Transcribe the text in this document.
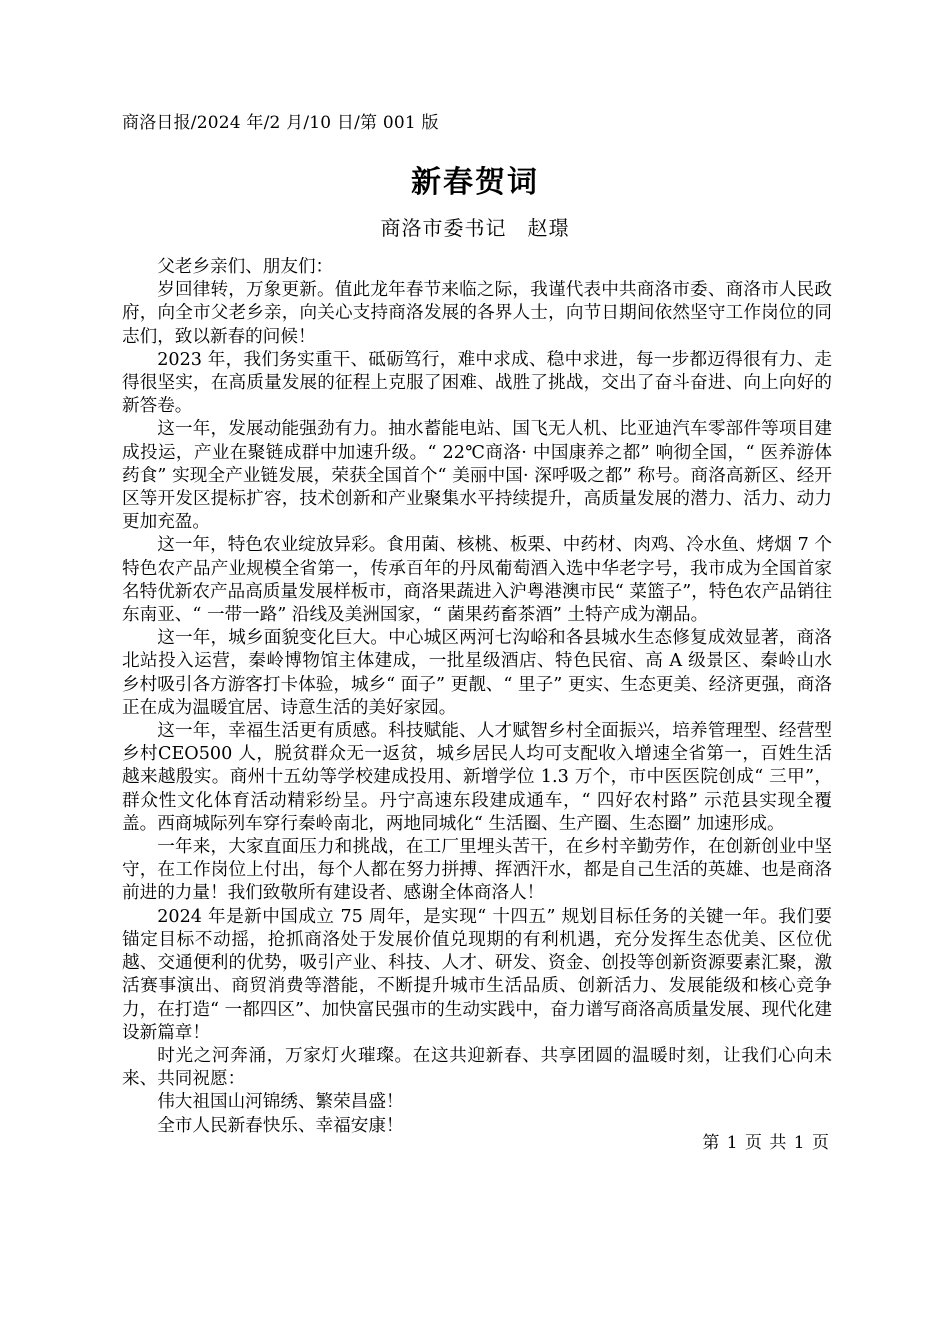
商洛日报/2024 年/2 月/10 日/第 001 版
新春贺词
商洛市委书记　赵璟

父老乡亲们、朋友们：

岁回律转，万象更新。值此龙年春节来临之际，我谨代表中共商洛市委、商洛市人民政府，向全市父老乡亲，向关心支持商洛发展的各界人士，向节日期间依然坚守工作岗位的同志们，致以新春的问候！

2023 年，我们务实重干、砥砺笃行，难中求成、稳中求进，每一步都迈得很有力、走得很坚实，在高质量发展的征程上克服了困难、战胜了挑战，交出了奋斗奋进、向上向好的新答卷。

这一年，发展动能强劲有力。抽水蓄能电站、国飞无人机、比亚迪汽车零部件等项目建成投运，产业在聚链成群中加速升级。“ 22℃商洛· 中国康养之都” 响彻全国，“ 医养游体药食” 实现全产业链发展，荣获全国首个“ 美丽中国· 深呼吸之都” 称号。商洛高新区、经开区等开发区提标扩容，技术创新和产业聚集水平持续提升，高质量发展的潜力、活力、动力更加充盈。

这一年，特色农业绽放异彩。食用菌、核桃、板栗、中药材、肉鸡、冷水鱼、烤烟 7 个特色农产品产业规模全省第一，传承百年的丹凤葡萄酒入选中华老字号，我市成为全国首家名特优新农产品高质量发展样板市，商洛果蔬进入沪粤港澳市民“ 菜篮子”，特色农产品销往东南亚、“ 一带一路” 沿线及美洲国家，“ 菌果药畜茶酒” 土特产成为潮品。

这一年，城乡面貌变化巨大。中心城区两河七沟峪和各县城水生态修复成效显著，商洛北站投入运营，秦岭博物馆主体建成，一批星级酒店、特色民宿、高 A 级景区、秦岭山水乡村吸引各方游客打卡体验，城乡“ 面子” 更靓、“ 里子” 更实、生态更美、经济更强，商洛正在成为温暖宜居、诗意生活的美好家园。

这一年，幸福生活更有质感。科技赋能、人才赋智乡村全面振兴，培养管理型、经营型乡村CEO500 人，脱贫群众无一返贫，城乡居民人均可支配收入增速全省第一，百姓生活越来越殷实。商州十五幼等学校建成投用、新增学位 1.3 万个，市中医医院创成“ 三甲”，群众性文化体育活动精彩纷呈。丹宁高速东段建成通车，“ 四好农村路” 示范县实现全覆盖。西商城际列车穿行秦岭南北，两地同城化“ 生活圈、生产圈、生态圈” 加速形成。

一年来，大家直面压力和挑战，在工厂里埋头苦干，在乡村辛勤劳作，在创新创业中坚守，在工作岗位上付出，每个人都在努力拼搏、挥洒汗水，都是自己生活的英雄、也是商洛前进的力量！我们致敬所有建设者、感谢全体商洛人！

2024 年是新中国成立 75 周年，是实现“ 十四五” 规划目标任务的关键一年。我们要锚定目标不动摇，抢抓商洛处于发展价值兑现期的有利机遇，充分发挥生态优美、区位优越、交通便利的优势，吸引产业、科技、人才、研发、资金、创投等创新资源要素汇聚，激活赛事演出、商贸消费等潜能，不断提升城市生活品质、创新活力、发展能级和核心竞争力，在打造“ 一都四区”、加快富民强市的生动实践中，奋力谱写商洛高质量发展、现代化建设新篇章！

时光之河奔涌，万家灯火璀璨。在这共迎新春、共享团圆的温暖时刻，让我们心向未来、共同祝愿：

伟大祖国山河锦绣、繁荣昌盛！

全市人民新春快乐、幸福安康！

第 1 页 共 1 页
